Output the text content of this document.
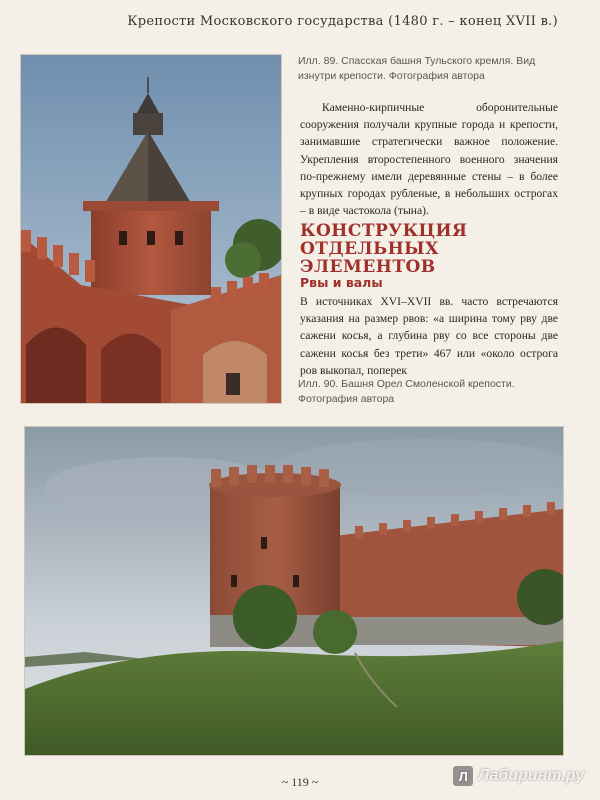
Крепости Московского государства (1480 г. – конец XVII в.)
Илл. 89. Спасская башня Тульского кремля. Вид изнутри крепости. Фотография автора
Каменно-кирпичные оборонительные сооружения получали крупные города и крепости, занимавшие стратегически важное положение. Укрепления второстепенного военного значения по-прежнему имели деревянные стены – в более крупных городах рубленые, в небольших острогах – в виде частокола (тына).
КОНСТРУКЦИЯ ОТДЕЛЬНЫХ ЭЛЕМЕНТОВ
Рвы и валы
В источниках XVI–XVII вв. часто встречаются указания на размер рвов: «а ширина тому рву две сажени косья, а глубина рву со все стороны две сажени косья без трети» 467 или «около острога ров выкопал, поперек
Илл. 90. Башня Орел Смоленской крепости. Фотография автора
~ 119 ~	Л Лабиринт.ру
